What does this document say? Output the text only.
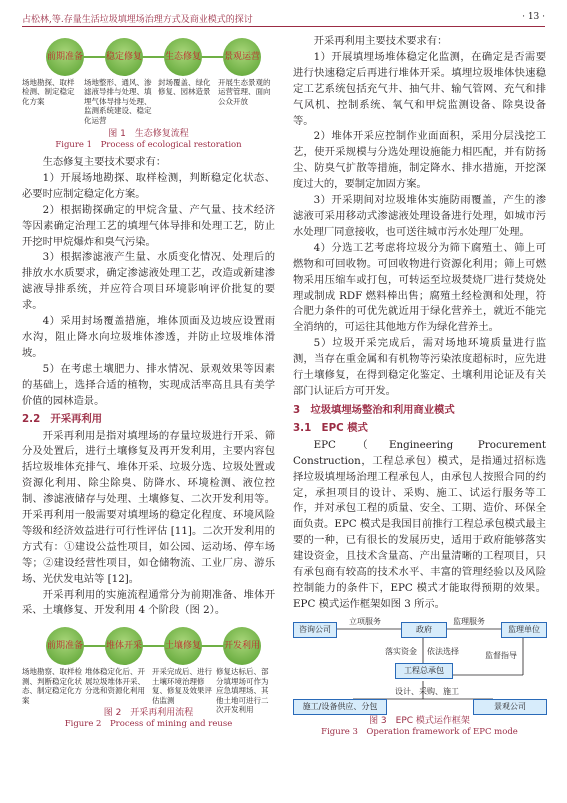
占松林,等.存量生活垃圾填埋场治理方式及商业模式的探讨	· 13 ·
前期准备	稳定修复	生态修复	景观运营
场地勘探、取样检测、制定稳定化方案
场地整形、通风、渗滤液导排与处理、填埋气体导排与处理、监测系统建设、稳定化运营
封场覆盖、绿化修复、园林造景
开展生态景观的运营管理、面向公众开放
图 1　生态修复流程
Figure 1　Process of ecological restoration

生态修复主要技术要求有：

1）开展场地勘探、取样检测，判断稳定化状态、必要时应制定稳定化方案。

2）根据勘探确定的甲烷含量、产气量、技术经济等因素确定治理工艺的填埋气体导排和处理工艺，防止开挖时甲烷爆炸和臭气污染。

3）根据渗滤液产生量、水质变化情况、处理后的排放水水质要求，确定渗滤液处理工艺，改造或新建渗滤液导排系统，并应符合项目环境影响评价批复的要求。

4）采用封场覆盖措施，堆体顶面及边坡应设置雨水沟，阻止降水向垃圾堆体渗透，并防止垃圾堆体滑坡。

5）在考虑土壤肥力、排水情况、景观效果等因素的基础上，选择合适的植物，实现成活率高且具有美学价值的园林造景。

2.2　开采再利用

开采再利用是指对填埋场的存量垃圾进行开采、筛分及处置后，进行土壤修复及再开发利用，主要内容包括垃圾堆体充排气、堆体开采、垃圾分选、垃圾处置或资源化利用、除尘除臭、防降水、环境检测、液位控制、渗滤液储存与处理、土壤修复、二次开发利用等。开采再利用一般需要对填埋场的稳定化程度、环境风险等级和经济效益进行可行性评估 [11]。二次开发利用的方式有：①建设公益性项目，如公园、运动场、停车场等；②建设经营性项目，如仓储物流、工业厂房、游乐场、光伏发电站等 [12]。

开采再利用的实施流程通常分为前期准备、堆体开采、土壤修复、开发利用 4 个阶段（图 2）。

前期准备	堆体开采	土壤修复	开发利用
场地勘察、取样检测、判断稳定化状态、制定稳定化方案
堆体稳定化后、开展垃圾堆体开采、分选和资源化利用
开采完成后、进行土壤环境治理修复、修复及效果评估监测
修复达标后、部分填埋场可作为应急填埋场、其他土地可进行二次开发利用
图 2　开采再利用流程
Figure 2　Process of mining and reuse

开采再利用主要技术要求有：

1）开展填埋场堆体稳定化监测，在确定是否需要进行快速稳定后再进行堆体开采。填埋垃圾堆体快速稳定工艺系统包括充气井、抽气井、输气管网、充气和排气风机、控制系统、氧气和甲烷监测设备、除臭设备等。

2）堆体开采应控制作业面面积，采用分层浅挖工艺，使开采规模与分选处理设施能力相匹配，并有防扬尘、防臭气扩散等措施，制定降水、排水措施，开挖深度过大的，要制定加固方案。

3）开采期间对垃圾堆体实施防雨覆盖，产生的渗滤液可采用移动式渗滤液处理设备进行处理，如城市污水处理厂同意接收，也可送往城市污水处理厂处理。

4）分选工艺考虑将垃圾分为筛下腐殖土、筛上可燃物和可回收物。可回收物进行资源化利用；筛上可燃物采用压缩车或打包，可转运至垃圾焚烧厂进行焚烧处理或制成 RDF 燃料棒出售；腐殖土经检测和处理，符合肥力条件的可优先就近用于绿化营养土，就近不能完全消纳的，可运往其他地方作为绿化营养土。

5）垃圾开采完成后，需对场地环境质量进行监测，当存在重金属和有机物等污染浓度超标时，应先进行土壤修复，在得到稳定化鉴定、土壤利用论证及有关部门认证后方可开发。

3　垃圾填埋场整治和利用商业模式
3.1　EPC 模式

EPC（Engineering Procurement Construction，工程总承包）模式，是指通过招标选择垃圾填埋场治理工程承包人，由承包人按照合同的约定，承担项目的设计、采购、施工、试运行服务等工作，并对承包工程的质量、安全、工期、造价、环保全面负责。EPC 模式是我国目前推行工程总承包模式最主要的一种，已有很长的发展历史，适用于政府能够落实建设资金，且技术含量高、产出量清晰的工程项目，只有承包商有较高的技术水平、丰富的管理经验以及风险控制能力的条件下，EPC 模式才能取得预期的效果。EPC 模式运作框架如图 3 所示。

咨询公司	政府	监理单位
工程总承包
施工/设备供应、分包	景观公司
立项服务	监理服务
落实资金 依法选择	监督指导
设计、采购、施工
图 3　EPC 模式运作框架
Figure 3　Operation framework of EPC mode
